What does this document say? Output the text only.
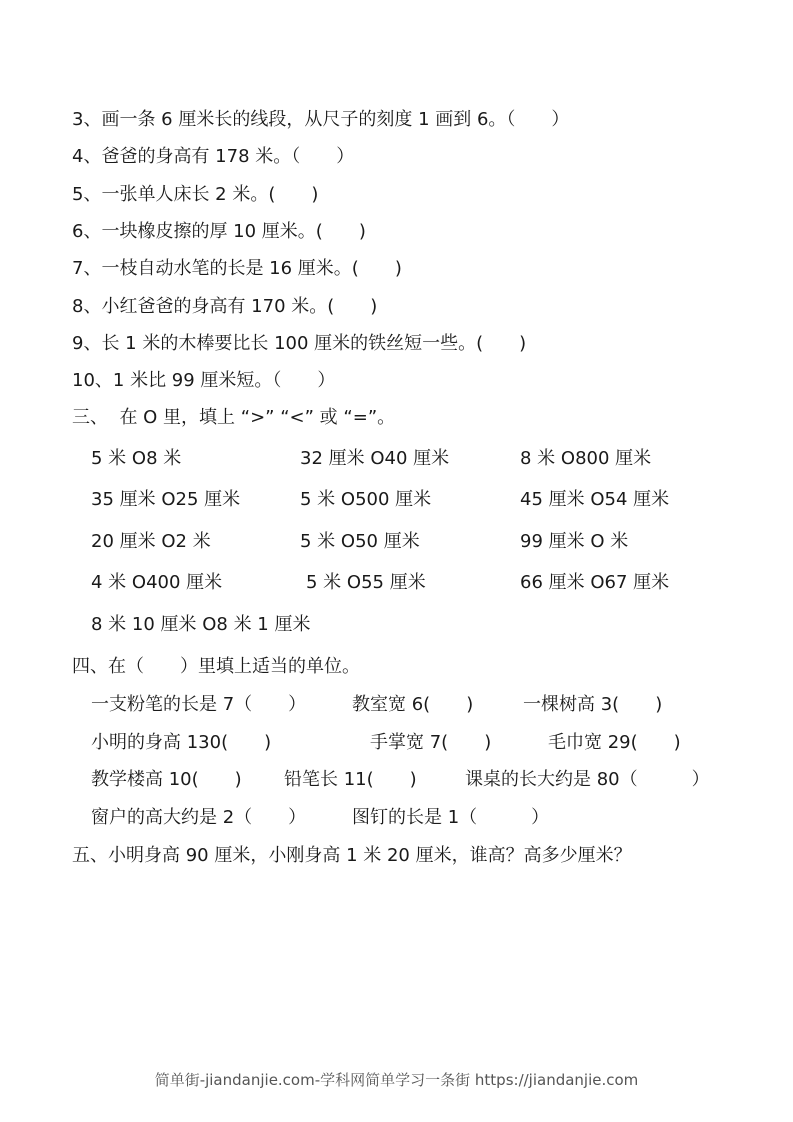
3、画一条 6 厘米长的线段，从尺子的刻度 1 画到 6。（　　）
4、爸爸的身高有 178 米。（　　）
5、一张单人床长 2 米。(　　)
6、一块橡皮擦的厚 10 厘米。(　　)
7、一枝自动水笔的长是 16 厘米。(　　)
8、小红爸爸的身高有 170 米。(　　)
9、长 1 米的木棒要比长 100 厘米的铁丝短一些。(　　)
10、1 米比 99 厘米短。（　　）
三、  在 O 里，填上 “>” “<” 或 “=”。
5 米 O8 米	32 厘米 O40 厘米	8 米 O800 厘米
35 厘米 O25 厘米	5 米 O500 厘米	45 厘米 O54 厘米
20 厘米 O2 米	5 米 O50 厘米	99 厘米 O 米
4 米 O400 厘米	5 米 O55 厘米	66 厘米 O67 厘米
8 米 10 厘米 O8 米 1 厘米
四、在（　　）里填上适当的单位。
一支粉笔的长是 7（　　）	教室宽 6(　　)	一棵树高 3(　　)
小明的身高 130(　　)	手掌宽 7(　　)	毛巾宽 29(　　)
教学楼高 10(　　) 铅笔长 11(　　)	课桌的长大约是 80（　　　）
窗户的高大约是 2（　　）	图钉的长是 1（　　　）
五、小明身高 90 厘米，小刚身高 1 米 20 厘米，谁高？高多少厘米？
简单街-jiandanjie.com-学科网简单学习一条街 https://jiandanjie.com
